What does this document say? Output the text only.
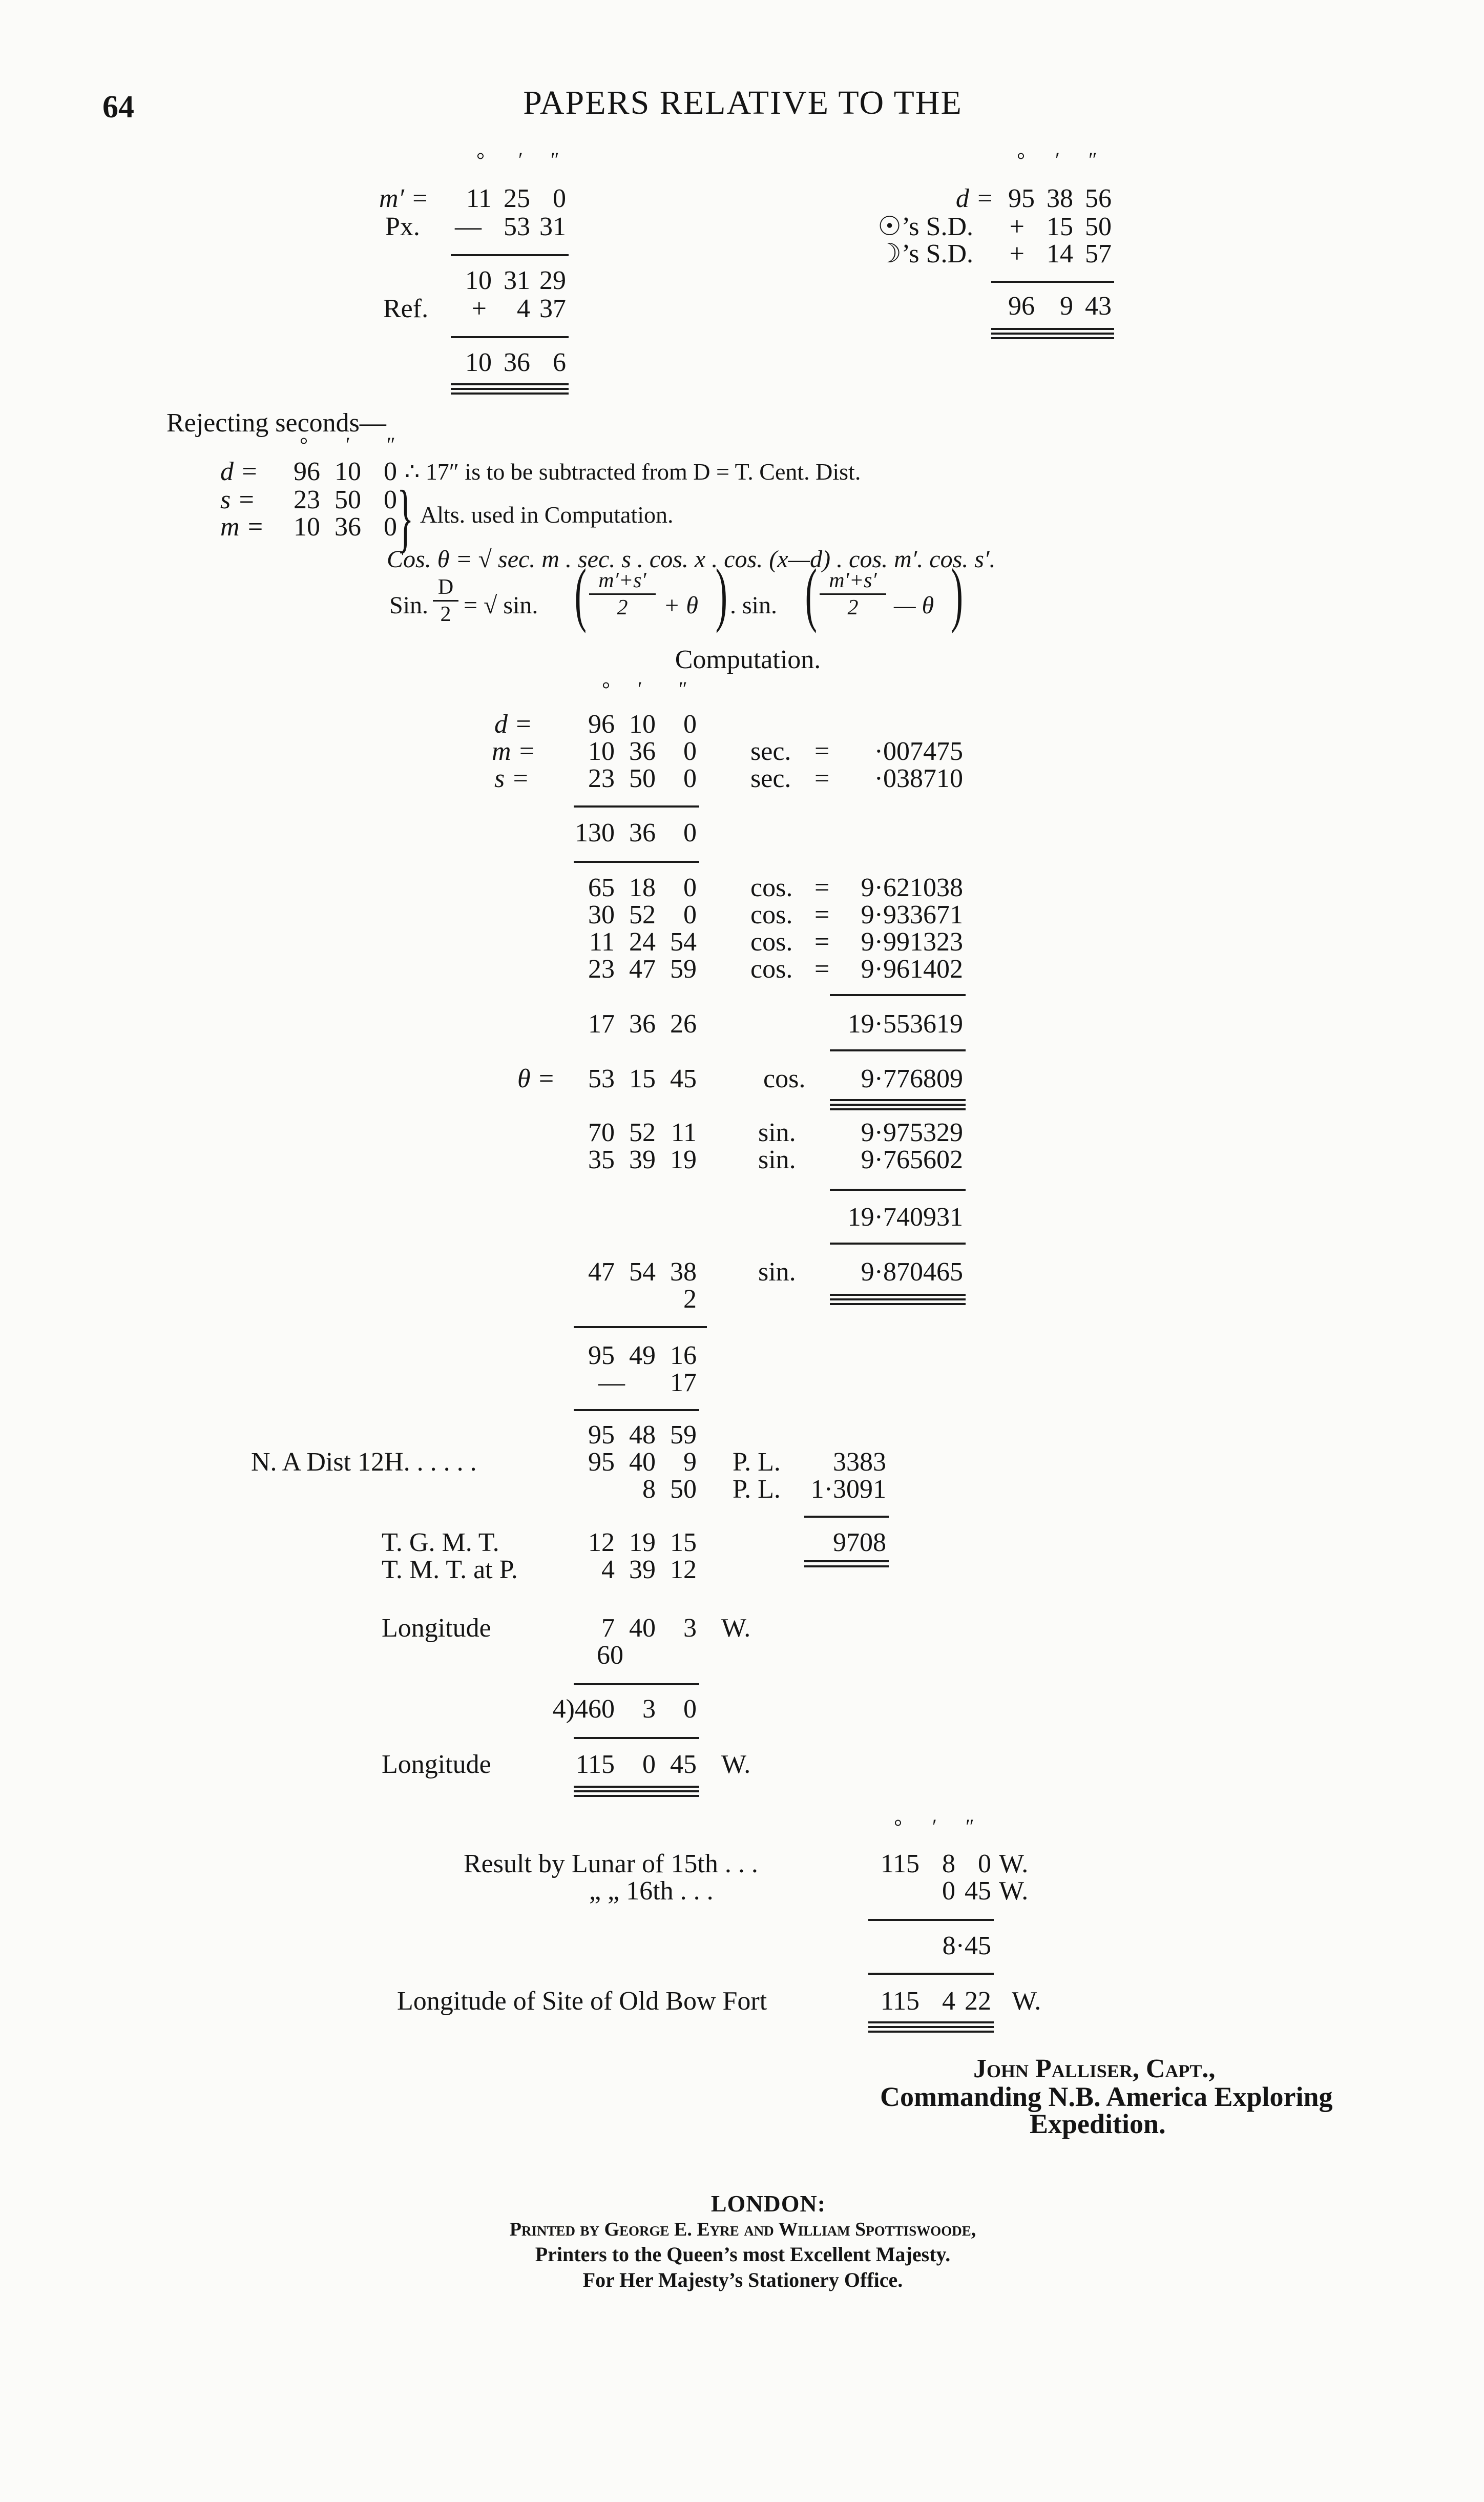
64	PAPERS RELATIVE TO THE
° ′ ″
m′ =	11 25 0
Px.	— 53 31
10 31 29
Ref.	+	4 37
10 36 6
° ′ ″
d = 95 38 56
☉’s S.D.	+ 15 50
☽’s S.D.	+ 14 57
96 9 43
Rejecting seconds—
° ′ ″
d =	96 10 0 ∴ 17″ is to be subtracted from D = T. Cent. Dist.
s =	23 50 0
m =	10 36 0 } Alts. used in Computation.
Cos. θ = √ sec. m . sec. s . cos. x . cos. (x—d) . cos. m′. cos. s′.
Sin. $\frac{D}{2}$ = √ sin. ( $\frac{m'+s'}{2} + \theta$ ) . sin. ( $\frac{m'+s'}{2}$ — θ )
Computation.
° ′ ″
d =	96 10	0
m =	10 36	0 sec. =	·007475
s =	23 50	0 sec. =	·038710
130 36	0
65 18	0 cos. =	9·621038
30 52	0 cos. =	9·933671
11 24 54 cos. =	9·991323
23 47 59 cos. =	9·961402
17 36 26	19·553619
θ =	53 15 45	cos.	9·776809
70 52 11 sin.	9·975329
35 39 19 sin.	9·765602
19·740931
47 54 38 sin.	9·870465
2
95 49 16
—	17
95 48 59
N. A Dist 12H. . . . . .	95 40	9 P. L.	3383
8 50 P. L.	1·3091
T. G. M. T.	12 19 15	9708
T. M. T. at P.	4 39 12
Longitude	7 40	3 W.
60
4)460	3	0
Longitude	115	0 45 W.
° ′ ″
Result by Lunar of 15th . . .	115 8 0 W.
„ „ 16th . . .	0 45 W.
8·45
Longitude of Site of Old Bow Fort	115 4 22 W.
John Palliser, Capt.,
Commanding N.B. America Exploring
Expedition.
LONDON:
Printed by George E. Eyre and William Spottiswoode,
Printers to the Queen’s most Excellent Majesty.
For Her Majesty’s Stationery Office.
